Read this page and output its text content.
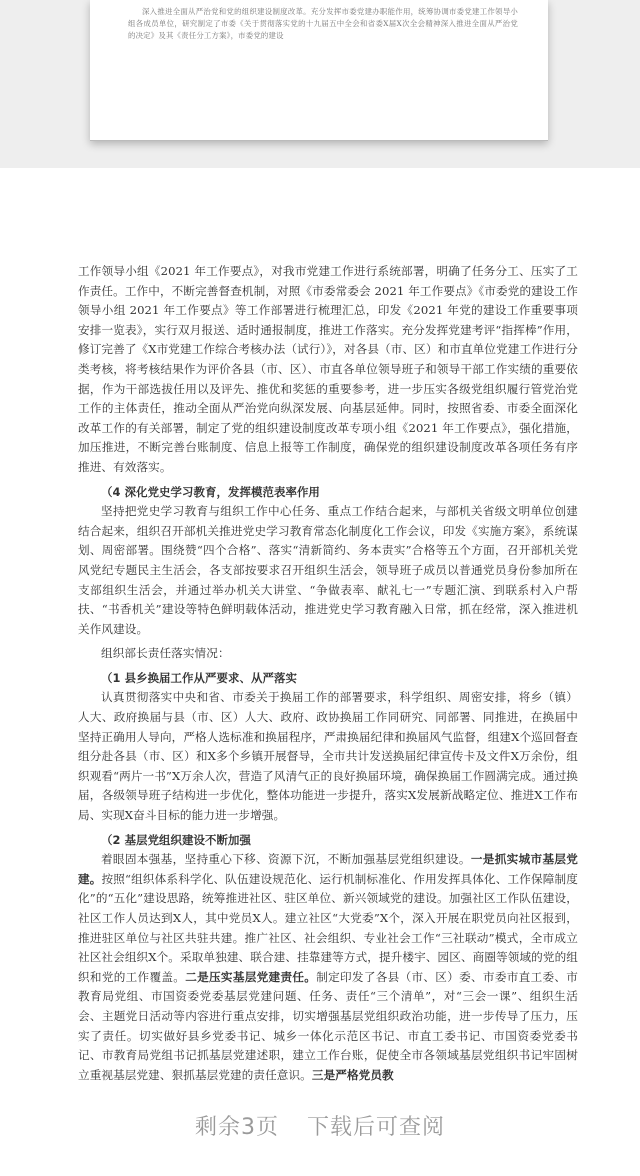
深入推进全面从严治党和党的组织建设制度改革。充分发挥市委党建办职能作用，统筹协调市委党建工作领导小组各成员单位，研究制定了市委《关于贯彻落实党的十九届五中全会和省委X届X次全会精神深入推进全面从严治党的决定》及其《责任分工方案》，市委党的建设

工作领导小组《2021 年工作要点》，对我市党建工作进行系统部署，明确了任务分工、压实了工作责任。工作中，不断完善督查机制，对照《市委常委会 2021 年工作要点》《市委党的建设工作领导小组 2021 年工作要点》等工作部署进行梳理汇总，印发《2021 年党的建设工作重要事项安排一览表》，实行双月报送、适时通报制度，推进工作落实。充分发挥党建考评“指挥棒”作用，修订完善了《X市党建工作综合考核办法（试行）》，对各县（市、区）和市直单位党建工作进行分类考核，将考核结果作为评价各县（市、区）、市直各单位领导班子和领导干部工作实绩的重要依据，作为干部选拔任用以及评先、推优和奖惩的重要参考，进一步压实各级党组织履行管党治党工作的主体责任，推动全面从严治党向纵深发展、向基层延伸。同时，按照省委、市委全面深化改革工作的有关部署，制定了党的组织建设制度改革专项小组《2021 年工作要点》，强化措施，加压推进，不断完善台账制度、信息上报等工作制度，确保党的组织建设制度改革各项任务有序推进、有效落实。

（4 深化党史学习教育，发挥模范表率作用

坚持把党史学习教育与组织工作中心任务、重点工作结合起来，与部机关省级文明单位创建结合起来，组织召开部机关推进党史学习教育常态化制度化工作会议，印发《实施方案》，系统谋划、周密部署。围绕赞“四个合格”、落实“清新简约、务本责实”合格等五个方面，召开部机关党风党纪专题民主生活会，各支部按要求召开组织生活会，领导班子成员以普通党员身份参加所在支部组织生活会，并通过举办机关大讲堂、“争做表率、献礼七一”专题汇演、到联系村入户帮扶、“书香机关”建设等特色鲜明载体活动，推进党史学习教育融入日常，抓在经常，深入推进机关作风建设。

组织部长责任落实情况：

（1 县乡换届工作从严要求、从严落实

认真贯彻落实中央和省、市委关于换届工作的部署要求，科学组织、周密安排，将乡（镇）人大、政府换届与县（市、区）人大、政府、政协换届工作同研究、同部署、同推进，在换届中坚持正确用人导向，严格人选标准和换届程序，严肃换届纪律和换届风气监督，组建X个巡回督查组分赴各县（市、区）和X多个乡镇开展督导，全市共计发送换届纪律宣传卡及文件X万余份，组织观看“两片一书”X万余人次，营造了风清气正的良好换届环境，确保换届工作圆满完成。通过换届，各级领导班子结构进一步优化，整体功能进一步提升，落实X发展新战略定位、推进X工作布局、实现X奋斗目标的能力进一步增强。

（2 基层党组织建设不断加强

着眼固本强基，坚持重心下移、资源下沉，不断加强基层党组织建设。一是抓实城市基层党建。按照“组织体系科学化、队伍建设规范化、运行机制标准化、作用发挥具体化、工作保障制度化”的“五化”建设思路，统筹推进社区、驻区单位、新兴领域党的建设。加强社区工作队伍建设，社区工作人员达到X人，其中党员X人。建立社区“大党委”X个，深入开展在职党员向社区报到，推进驻区单位与社区共驻共建。推广社区、社会组织、专业社会工作“三社联动”模式，全市成立社区社会组织X个。采取单独建、联合建、挂靠建等方式，提升楼宇、园区、商圈等领域的党的组织和党的工作覆盖。二是压实基层党建责任。制定印发了各县（市、区）委、市委市直工委、市教育局党组、市国资委党委基层党建问题、任务、责任“三个清单”，对“三会一课”、组织生活会、主题党日活动等内容进行重点安排，切实增强基层党组织政治功能，进一步传导了压力，压实了责任。切实做好县乡党委书记、城乡一体化示范区书记、市直工委书记、市国资委党委书记、市教育局党组书记抓基层党建述职，建立工作台账，促使全市各领域基层党组织书记牢固树立重视基层党建、狠抓基层党建的责任意识。三是严格党员教

剩余3页 下载后可查阅
